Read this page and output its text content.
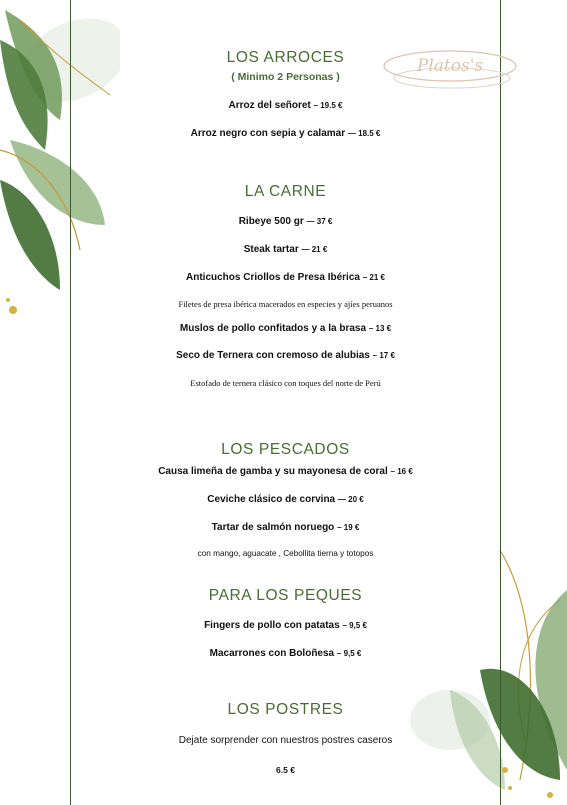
Platos's
LOS ARROCES
( Minimo 2 Personas )
Arroz del señoret – 19.5 €
Arroz negro con sepia y calamar — 18.5 €
LA CARNE
Ribeye 500 gr — 37 €
Steak tartar — 21 €
Anticuchos Criollos de Presa Ibérica – 21 €
Filetes de presa ibérica macerados en especies y ajíes peruanos
Muslos de pollo confitados y a la brasa – 13 €
Seco de Ternera con cremoso de alubias – 17 €
Estofado de ternera clásico con toques del norte de Perú
LOS PESCADOS
Causa limeña de gamba y su mayonesa de coral – 16 €
Ceviche clásico de corvina — 20 €
Tartar de salmón noruego – 19 €
con mango, aguacate , Cebollita tierna y totopos
PARA LOS PEQUES
Fingers de pollo con patatas – 9,5 €
Macarrones con Boloñesa – 9,5 €
LOS POSTRES
Dejate sorprender con nuestros postres caseros
6.5 €
